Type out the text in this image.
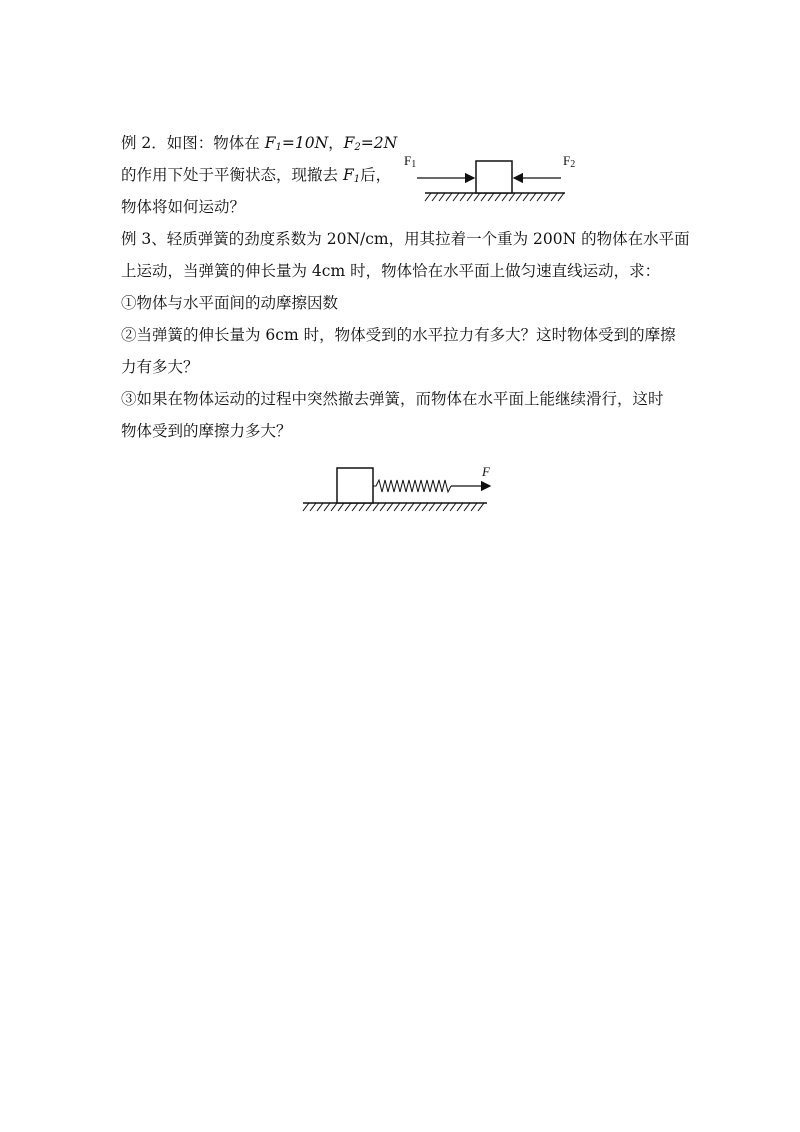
例 2．如图：物体在 $F_1=10N$，$F_2=2N$
的作用下处于平衡状态，现撤去 $F_1$后，
物体将如何运动？
$F_1$	$F_2$
例 3、轻质弹簧的劲度系数为 20N/cm，用其拉着一个重为 200N 的物体在水平面
上运动，当弹簧的伸长量为 4cm 时，物体恰在水平面上做匀速直线运动，求：
①物体与水平面间的动摩擦因数
②当弹簧的伸长量为 6cm 时，物体受到的水平拉力有多大？这时物体受到的摩擦
力有多大？
③如果在物体运动的过程中突然撤去弹簧，而物体在水平面上能继续滑行，这时
物体受到的摩擦力多大？
F
